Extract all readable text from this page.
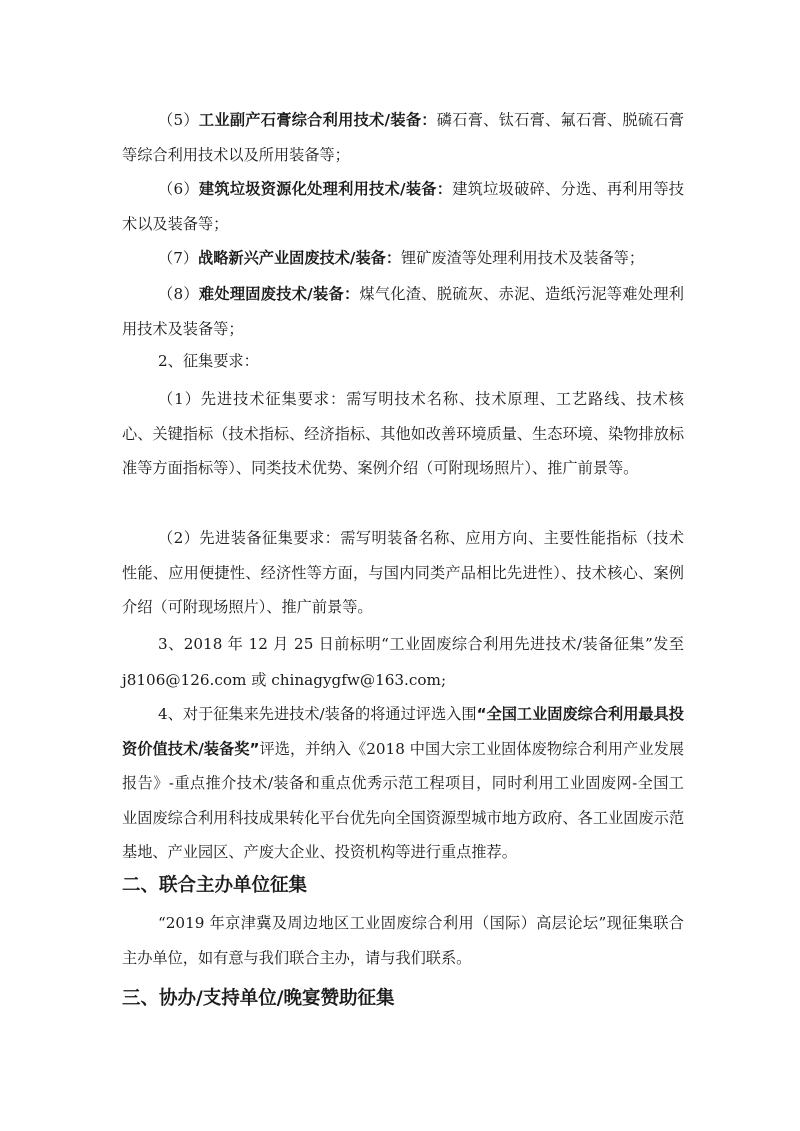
（5）工业副产石膏综合利用技术/装备：磷石膏、钛石膏、氟石膏、脱硫石膏等综合利用技术以及所用装备等；
（6）建筑垃圾资源化处理利用技术/装备：建筑垃圾破碎、分选、再利用等技术以及装备等；
（7）战略新兴产业固废技术/装备：锂矿废渣等处理利用技术及装备等；
（8）难处理固废技术/装备：煤气化渣、脱硫灰、赤泥、造纸污泥等难处理利用技术及装备等；
2、征集要求：
（1）先进技术征集要求：需写明技术名称、技术原理、工艺路线、技术核心、关键指标（技术指标、经济指标、其他如改善环境质量、生态环境、染物排放标准等方面指标等）、同类技术优势、案例介绍（可附现场照片）、推广前景等。
（2）先进装备征集要求：需写明装备名称、应用方向、主要性能指标（技术性能、应用便捷性、经济性等方面，与国内同类产品相比先进性）、技术核心、案例介绍（可附现场照片）、推广前景等。
3、2018 年 12 月 25 日前标明“工业固废综合利用先进技术/装备征集”发至
j8106@126.com 或 chinagygfw@163.com;
4、对于征集来先进技术/装备的将通过评选入围“全国工业固废综合利用最具投资价值技术/装备奖”评选，并纳入《2018 中国大宗工业固体废物综合利用产业发展报告》-重点推介技术/装备和重点优秀示范工程项目，同时利用工业固废网-全国工业固废综合利用科技成果转化平台优先向全国资源型城市地方政府、各工业固废示范基地、产业园区、产废大企业、投资机构等进行重点推荐。
二、联合主办单位征集
“2019 年京津冀及周边地区工业固废综合利用（国际）高层论坛”现征集联合主办单位，如有意与我们联合主办，请与我们联系。
三、协办/支持单位/晚宴赞助征集
